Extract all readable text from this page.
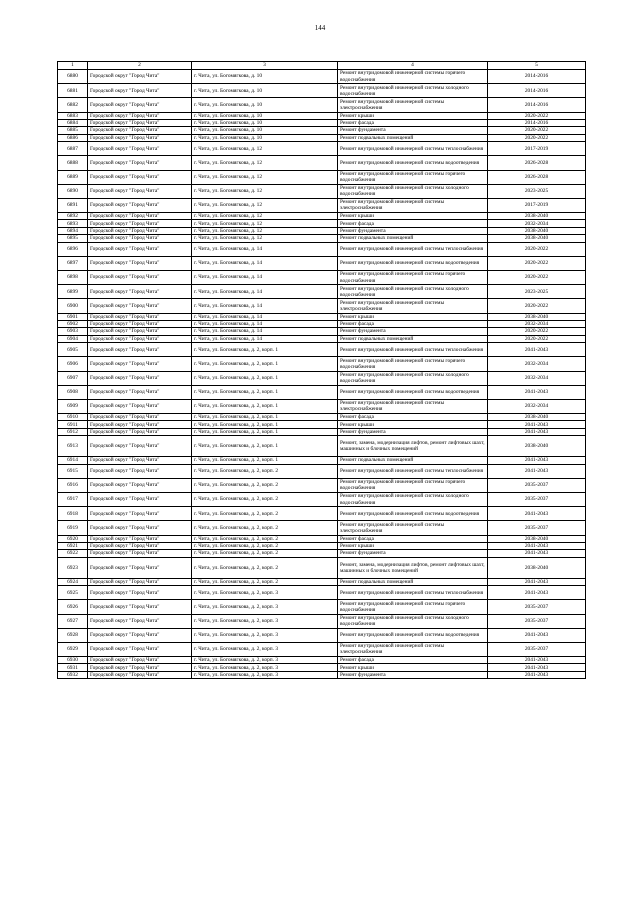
144
1	2	3	4	5
6880	Городской округ "Город Чита"	г. Чита, ул. Богомягкова, д. 10	Ремонт внутридомовой инженерной системы горячего водоснабжения	2014-2016
6881	Городской округ "Город Чита"	г. Чита, ул. Богомягкова, д. 10	Ремонт внутридомовой инженерной системы холодного водоснабжения	2014-2016
6882	Городской округ "Город Чита"	г. Чита, ул. Богомягкова, д. 10	Ремонт внутридомовой инженерной системы электроснабжения	2014-2016
6883	Городской округ "Город Чита"	г. Чита, ул. Богомягкова, д. 10	Ремонт крыши	2020-2022
6884	Городской округ "Город Чита"	г. Чита, ул. Богомягкова, д. 10	Ремонт фасада	2014-2016
6885	Городской округ "Город Чита"	г. Чита, ул. Богомягкова, д. 10	Ремонт фундамента	2020-2022
6886	Городской округ "Город Чита"	г. Чита, ул. Богомягкова, д. 10	Ремонт подвальных помещений	2020-2022
6887	Городской округ "Город Чита"	г. Чита, ул. Богомягкова, д. 12	Ремонт внутридомовой инженерной системы теплоснабжения	2017-2019
6888	Городской округ "Город Чита"	г. Чита, ул. Богомягкова, д. 12	Ремонт внутридомовой инженерной системы водоотведения	2026-2028
6889	Городской округ "Город Чита"	г. Чита, ул. Богомягкова, д. 12	Ремонт внутридомовой инженерной системы горячего водоснабжения	2026-2028
6890	Городской округ "Город Чита"	г. Чита, ул. Богомягкова, д. 12	Ремонт внутридомовой инженерной системы холодного водоснабжения	2023-2025
6891	Городской округ "Город Чита"	г. Чита, ул. Богомягкова, д. 12	Ремонт внутридомовой инженерной системы электроснабжения	2017-2019
6892	Городской округ "Город Чита"	г. Чита, ул. Богомягкова, д. 12	Ремонт крыши	2038-2040
6893	Городской округ "Город Чита"	г. Чита, ул. Богомягкова, д. 12	Ремонт фасада	2032-2034
6894	Городской округ "Город Чита"	г. Чита, ул. Богомягкова, д. 12	Ремонт фундамента	2038-2040
6895	Городской округ "Город Чита"	г. Чита, ул. Богомягкова, д. 12	Ремонт подвальных помещений	2038-2040
6896	Городской округ "Город Чита"	г. Чита, ул. Богомягкова, д. 14	Ремонт внутридомовой инженерной системы теплоснабжения	2020-2022
6897	Городской округ "Город Чита"	г. Чита, ул. Богомягкова, д. 14	Ремонт внутридомовой инженерной системы водоотведения	2020-2022
6898	Городской округ "Город Чита"	г. Чита, ул. Богомягкова, д. 14	Ремонт внутридомовой инженерной системы горячего водоснабжения	2020-2022
6899	Городской округ "Город Чита"	г. Чита, ул. Богомягкова, д. 14	Ремонт внутридомовой инженерной системы холодного водоснабжения	2023-2025
6900	Городской округ "Город Чита"	г. Чита, ул. Богомягкова, д. 14	Ремонт внутридомовой инженерной системы электроснабжения	2020-2022
6901	Городской округ "Город Чита"	г. Чита, ул. Богомягкова, д. 14	Ремонт крыши	2038-2040
6902	Городской округ "Город Чита"	г. Чита, ул. Богомягкова, д. 14	Ремонт фасада	2032-2034
6903	Городской округ "Город Чита"	г. Чита, ул. Богомягкова, д. 14	Ремонт фундамента	2020-2022
6904	Городской округ "Город Чита"	г. Чита, ул. Богомягкова, д. 14	Ремонт подвальных помещений	2020-2022
6905	Городской округ "Город Чита"	г. Чита, ул. Богомягкова, д. 2, корп. 1	Ремонт внутридомовой инженерной системы теплоснабжения	2041-2043
6906	Городской округ "Город Чита"	г. Чита, ул. Богомягкова, д. 2, корп. 1	Ремонт внутридомовой инженерной системы горячего водоснабжения	2032-2034
6907	Городской округ "Город Чита"	г. Чита, ул. Богомягкова, д. 2, корп. 1	Ремонт внутридомовой инженерной системы холодного водоснабжения	2032-2034
6908	Городской округ "Город Чита"	г. Чита, ул. Богомягкова, д. 2, корп. 1	Ремонт внутридомовой инженерной системы водоотведения	2041-2043
6909	Городской округ "Город Чита"	г. Чита, ул. Богомягкова, д. 2, корп. 1	Ремонт внутридомовой инженерной системы электроснабжения	2032-2034
6910	Городской округ "Город Чита"	г. Чита, ул. Богомягкова, д. 2, корп. 1	Ремонт фасада	2038-2040
6911	Городской округ "Город Чита"	г. Чита, ул. Богомягкова, д. 2, корп. 1	Ремонт крыши	2041-2043
6912	Городской округ "Город Чита"	г. Чита, ул. Богомягкова, д. 2, корп. 1	Ремонт фундамента	2041-2043
6913	Городской округ "Город Чита"	г. Чита, ул. Богомягкова, д. 2, корп. 1	Ремонт, замена, модернизация лифтов, ремонт лифтовых шахт, машинных и блочных помещений	2038-2040
6914	Городской округ "Город Чита"	г. Чита, ул. Богомягкова, д. 2, корп. 1	Ремонт подвальных помещений	2041-2043
6915	Городской округ "Город Чита"	г. Чита, ул. Богомягкова, д. 2, корп. 2	Ремонт внутридомовой инженерной системы теплоснабжения	2041-2043
6916	Городской округ "Город Чита"	г. Чита, ул. Богомягкова, д. 2, корп. 2	Ремонт внутридомовой инженерной системы горячего водоснабжения	2035-2037
6917	Городской округ "Город Чита"	г. Чита, ул. Богомягкова, д. 2, корп. 2	Ремонт внутридомовой инженерной системы холодного водоснабжения	2035-2037
6918	Городской округ "Город Чита"	г. Чита, ул. Богомягкова, д. 2, корп. 2	Ремонт внутридомовой инженерной системы водоотведения	2041-2043
6919	Городской округ "Город Чита"	г. Чита, ул. Богомягкова, д. 2, корп. 2	Ремонт внутридомовой инженерной системы электроснабжения	2035-2037
6920	Городской округ "Город Чита"	г. Чита, ул. Богомягкова, д. 2, корп. 2	Ремонт фасада	2038-2040
6921	Городской округ "Город Чита"	г. Чита, ул. Богомягкова, д. 2, корп. 2	Ремонт крыши	2041-2043
6922	Городской округ "Город Чита"	г. Чита, ул. Богомягкова, д. 2, корп. 2	Ремонт фундамента	2041-2043
6923	Городской округ "Город Чита"	г. Чита, ул. Богомягкова, д. 2, корп. 2	Ремонт, замена, модернизация лифтов, ремонт лифтовых шахт, машинных и блочных помещений	2038-2040
6924	Городской округ "Город Чита"	г. Чита, ул. Богомягкова, д. 2, корп. 2	Ремонт подвальных помещений	2041-2043
6925	Городской округ "Город Чита"	г. Чита, ул. Богомягкова, д. 2, корп. 3	Ремонт внутридомовой инженерной системы теплоснабжения	2041-2043
6926	Городской округ "Город Чита"	г. Чита, ул. Богомягкова, д. 2, корп. 3	Ремонт внутридомовой инженерной системы горячего водоснабжения	2035-2037
6927	Городской округ "Город Чита"	г. Чита, ул. Богомягкова, д. 2, корп. 3	Ремонт внутридомовой инженерной системы холодного водоснабжения	2035-2037
6928	Городской округ "Город Чита"	г. Чита, ул. Богомягкова, д. 2, корп. 3	Ремонт внутридомовой инженерной системы водоотведения	2041-2043
6929	Городской округ "Город Чита"	г. Чита, ул. Богомягкова, д. 2, корп. 3	Ремонт внутридомовой инженерной системы электроснабжения	2035-2037
6930	Городской округ "Город Чита"	г. Чита, ул. Богомягкова, д. 2, корп. 3	Ремонт фасада	2041-2043
6931	Городской округ "Город Чита"	г. Чита, ул. Богомягкова, д. 2, корп. 3	Ремонт крыши	2041-2043
6932	Городской округ "Город Чита"	г. Чита, ул. Богомягкова, д. 2, корп. 3	Ремонт фундамента	2041-2043
